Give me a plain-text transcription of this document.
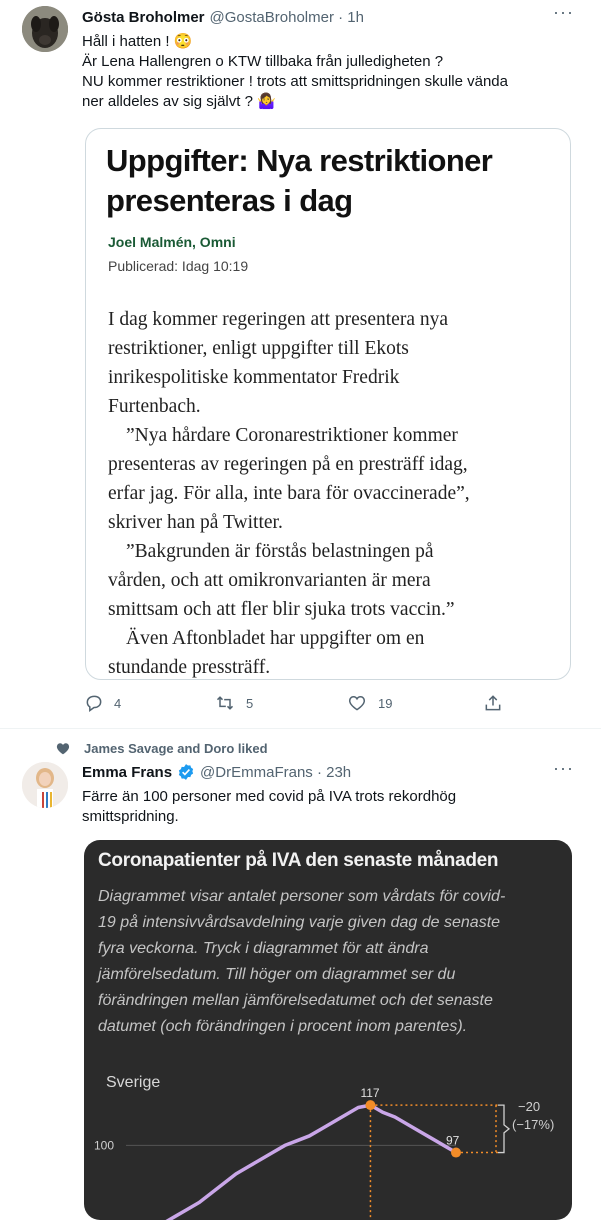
Gösta Broholmer @GostaBroholmer · 1h	···
Håll i hatten ! 😳
Är Lena Hallengren o KTW tillbaka från julledigheten ?
NU kommer restriktioner ! trots att smittspridningen skulle vända
ner alldeles av sig självt ? 🤷‍♀️
Uppgifter: Nya restriktioner
presenteras i dag
Joel Malmén, Omni
Publicerad: Idag 10:19
I dag kommer regeringen att presentera nya
restriktioner, enligt uppgifter till Ekots
inrikespolitiske kommentator Fredrik
Furtenbach.
”Nya hårdare Coronarestriktioner kommer
presenteras av regeringen på en presträff idag,
erfar jag. För alla, inte bara för ovaccinerade”,
skriver han på Twitter.
”Bakgrunden är förstås belastningen på
vården, och att omikronvarianten är mera
smittsam och att fler blir sjuka trots vaccin.”
Även Aftonbladet har uppgifter om en
stundande pressträff.
4	5	19
James Savage and Doro liked
Emma Frans @DrEmmaFrans · 23h	···
Färre än 100 personer med covid på IVA trots rekordhög
smittspridning.
Coronapatienter på IVA den senaste månaden
Diagrammet visar antalet personer som vårdats för covid-
19 på intensivvårdsavdelning varje given dag de senaste
fyra veckorna. Tryck i diagrammet för att ändra
jämförelsedatum. Till höger om diagrammet ser du
förändringen mellan jämförelsedatumet och det senaste
datumet (och förändringen i procent inom parentes).
Sverige
100
117
97
−20
(−17%)
